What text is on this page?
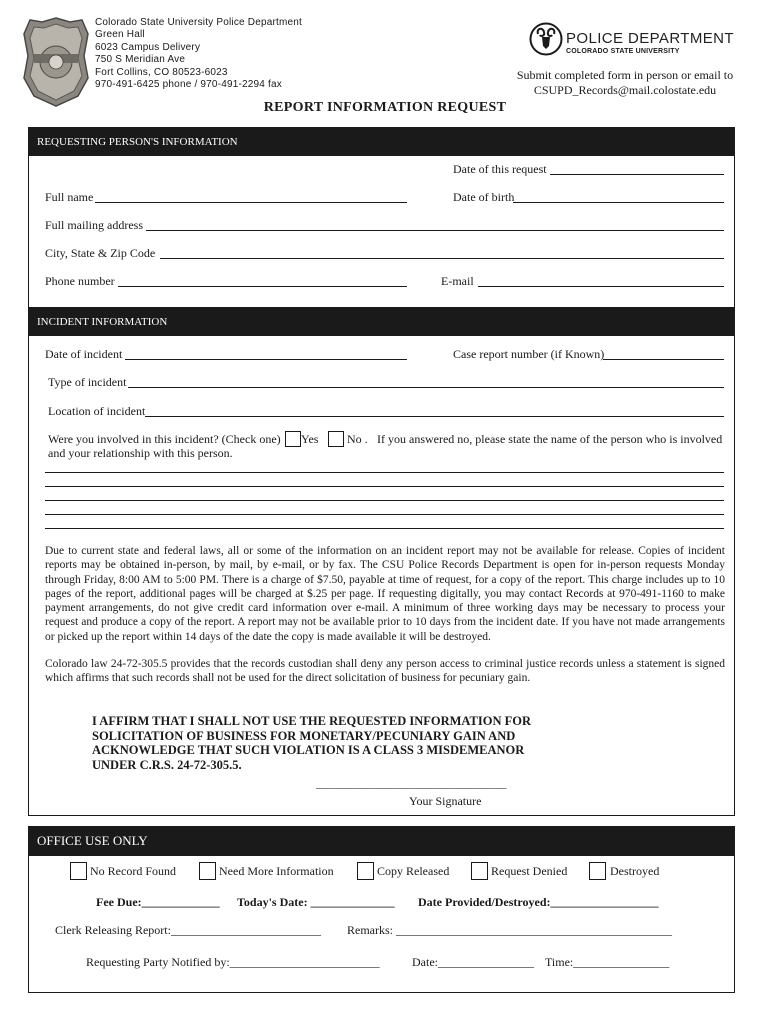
Colorado State University Police Department
Green Hall
6023 Campus Delivery
750 S Meridian Ave
Fort Collins, CO 80523-6023
970-491-6425 phone / 970-491-2294 fax
POLICE DEPARTMENT
COLORADO STATE UNIVERSITY
Submit completed form in person or email to
CSUPD_Records@mail.colostate.edu
REPORT INFORMATION REQUEST
REQUESTING PERSON'S INFORMATION
Date of this request
Full name	Date of birth
Full mailing address
City, State & Zip Code
Phone number	E-mail
INCIDENT INFORMATION
Date of incident	Case report number (if Known)
Type of incident
Location of incident
Were you involved in this incident? (Check one) Yes No . If you answered no, please state the name of the person who is involved
and your relationship with this person.
Due to current state and federal laws, all or some of the information on an incident report may not be available for release. Copies of incident reports may be obtained in-person, by mail, by e-mail, or by fax. The CSU Police Records Department is open for in-person requests Monday through Friday, 8:00 AM to 5:00 PM. There is a charge of $7.50, payable at time of request, for a copy of the report. This charge includes up to 10 pages of the report, additional pages will be charged at $.25 per page. If requesting digitally, you may contact Records at 970-491-1160 to make payment arrangements, do not give credit card information over e-mail. A minimum of three working days may be necessary to process your request and produce a copy of the report. A report may not be available prior to 10 days from the incident date. If you have not made arrangements or picked up the report within 14 days of the date the copy is made available it will be destroyed.
Colorado law 24-72-305.5 provides that the records custodian shall deny any person access to criminal justice records unless a statement is signed which affirms that such records shall not be used for the direct solicitation of business for pecuniary gain.
I AFFIRM THAT I SHALL NOT USE THE REQUESTED INFORMATION FOR
SOLICITATION OF BUSINESS FOR MONETARY/PECUNIARY GAIN AND
ACKNOWLEDGE THAT SUCH VIOLATION IS A CLASS 3 MISDEMEANOR
UNDER C.R.S. 24-72-305.5.
______________________________________
Your Signature
OFFICE USE ONLY
No Record Found	Need More Information	Copy Released	Request Denied	Destroyed
Fee Due:_____________ Today's Date: ______________ Date Provided/Destroyed:__________________
Clerk Releasing Report:_________________________ Remarks: ______________________________________________
Requesting Party Notified by:_________________________	Date:________________ Time:________________
